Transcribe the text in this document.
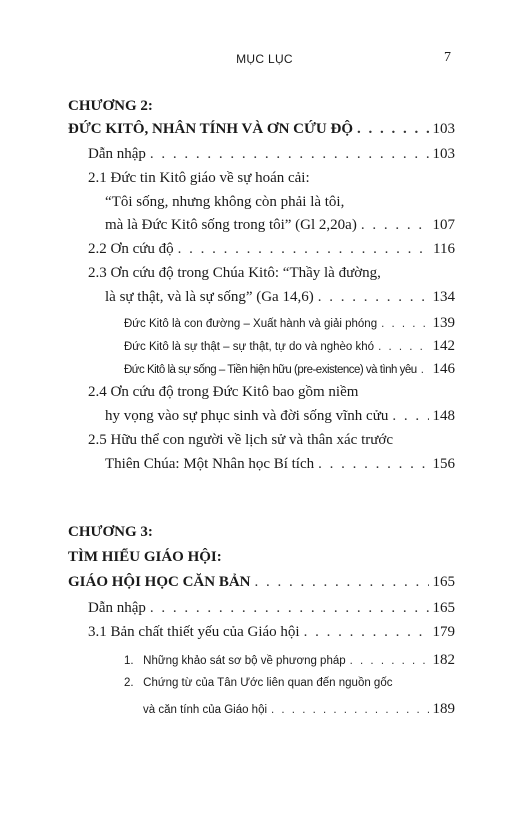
MỤC LỤC	7
CHƯƠNG 2:
ĐỨC KITÔ, NHÂN TÍNH VÀ ƠN CỨU ĐỘ . . .	103
Dẫn nhập . . .	103
2.1 Đức tin Kitô giáo về sự hoán cải:
“Tôi sống, nhưng không còn phải là tôi,
mà là Đức Kitô sống trong tôi” (Gl 2,20a) . . .	107
2.2 Ơn cứu độ . . .	116
2.3 Ơn cứu độ trong Chúa Kitô: “Thầy là đường,
là sự thật, và là sự sống” (Ga 14,6) . . .	134
Đức Kitô là con đường – Xuất hành và giải phóng . . .	139
Đức Kitô là sự thật – sự thật, tự do và nghèo khó . . .	142
Đức Kitô là sự sống – Tiền hiện hữu (pre-existence) và tình yêu . . . 146
2.4 Ơn cứu độ trong Đức Kitô bao gồm niềm
hy vọng vào sự phục sinh và đời sống vĩnh cửu . . .	148
2.5 Hữu thể con người về lịch sử và thân xác trước
Thiên Chúa: Một Nhân học Bí tích . . .	156
CHƯƠNG 3:
TÌM HIỂU GIÁO HỘI:
GIÁO HỘI HỌC CĂN BẢN . . .	165
Dẫn nhập . . .	165
3.1 Bản chất thiết yếu của Giáo hội . . .	179
1.   Những khảo sát sơ bộ về phương pháp . . .	182
2.   Chứng từ của Tân Ước liên quan đến nguồn gốc
và căn tính của Giáo hội . . .	189
